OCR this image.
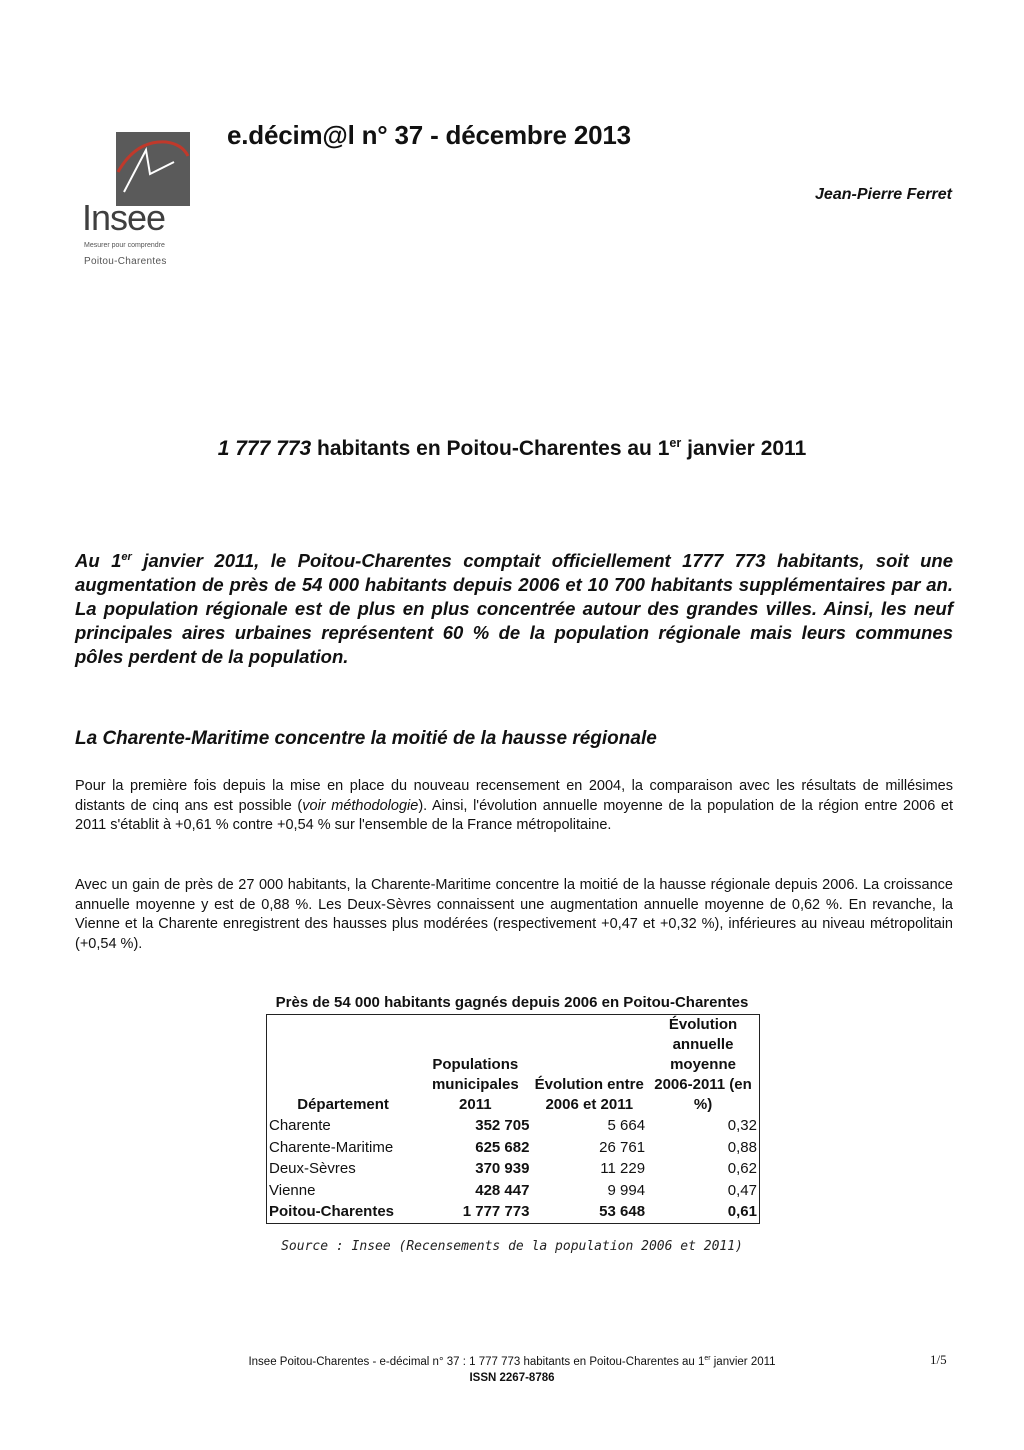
Insee
Mesurer pour comprendre
Poitou-Charentes
e.décim@l n° 37 - décembre 2013
Jean-Pierre Ferret
1 777 773 habitants en Poitou-Charentes au 1er janvier 2011
Au 1er janvier 2011, le Poitou-Charentes comptait officiellement 1777 773 habitants, soit une augmentation de près de 54 000 habitants depuis 2006 et 10 700 habitants supplémentaires par an. La population régionale est de plus en plus concentrée autour des grandes villes. Ainsi, les neuf principales aires urbaines représentent 60 % de la population régionale mais leurs communes pôles perdent de la population.
La Charente-Maritime concentre la moitié de la hausse régionale
Pour la première fois depuis la mise en place du nouveau recensement en 2004, la comparaison avec les résultats de millésimes distants de cinq ans est possible (voir méthodologie). Ainsi, l'évolution annuelle moyenne de la population de la région entre 2006 et 2011 s'établit à +0,61 % contre +0,54 % sur l'ensemble de la France métropolitaine.
Avec un gain de près de 27 000 habitants, la Charente-Maritime concentre la moitié de la hausse régionale depuis 2006. La croissance annuelle moyenne y est de 0,88 %. Les Deux-Sèvres connaissent une augmentation annuelle moyenne de 0,62 %. En revanche, la Vienne et la Charente enregistrent des hausses plus modérées (respectivement +0,47 et +0,32 %), inférieures au niveau métropolitain (+0,54 %).
Près de 54 000 habitants gagnés depuis 2006 en Poitou-Charentes
Département	Populations municipales 2011	Évolution entre 2006 et 2011	Évolution annuelle moyenne 2006-2011 (en %)
Charente	352 705	5 664	0,32
Charente-Maritime	625 682	26 761	0,88
Deux-Sèvres	370 939	11 229	0,62
Vienne	428 447	9 994	0,47
Poitou-Charentes	1 777 773	53 648	0,61
Source : Insee (Recensements de la population 2006 et 2011)
Insee Poitou-Charentes - e-décimal n° 37 : 1 777 773 habitants en Poitou-Charentes au 1er janvier 2011
ISSN 2267-8786
1/5
